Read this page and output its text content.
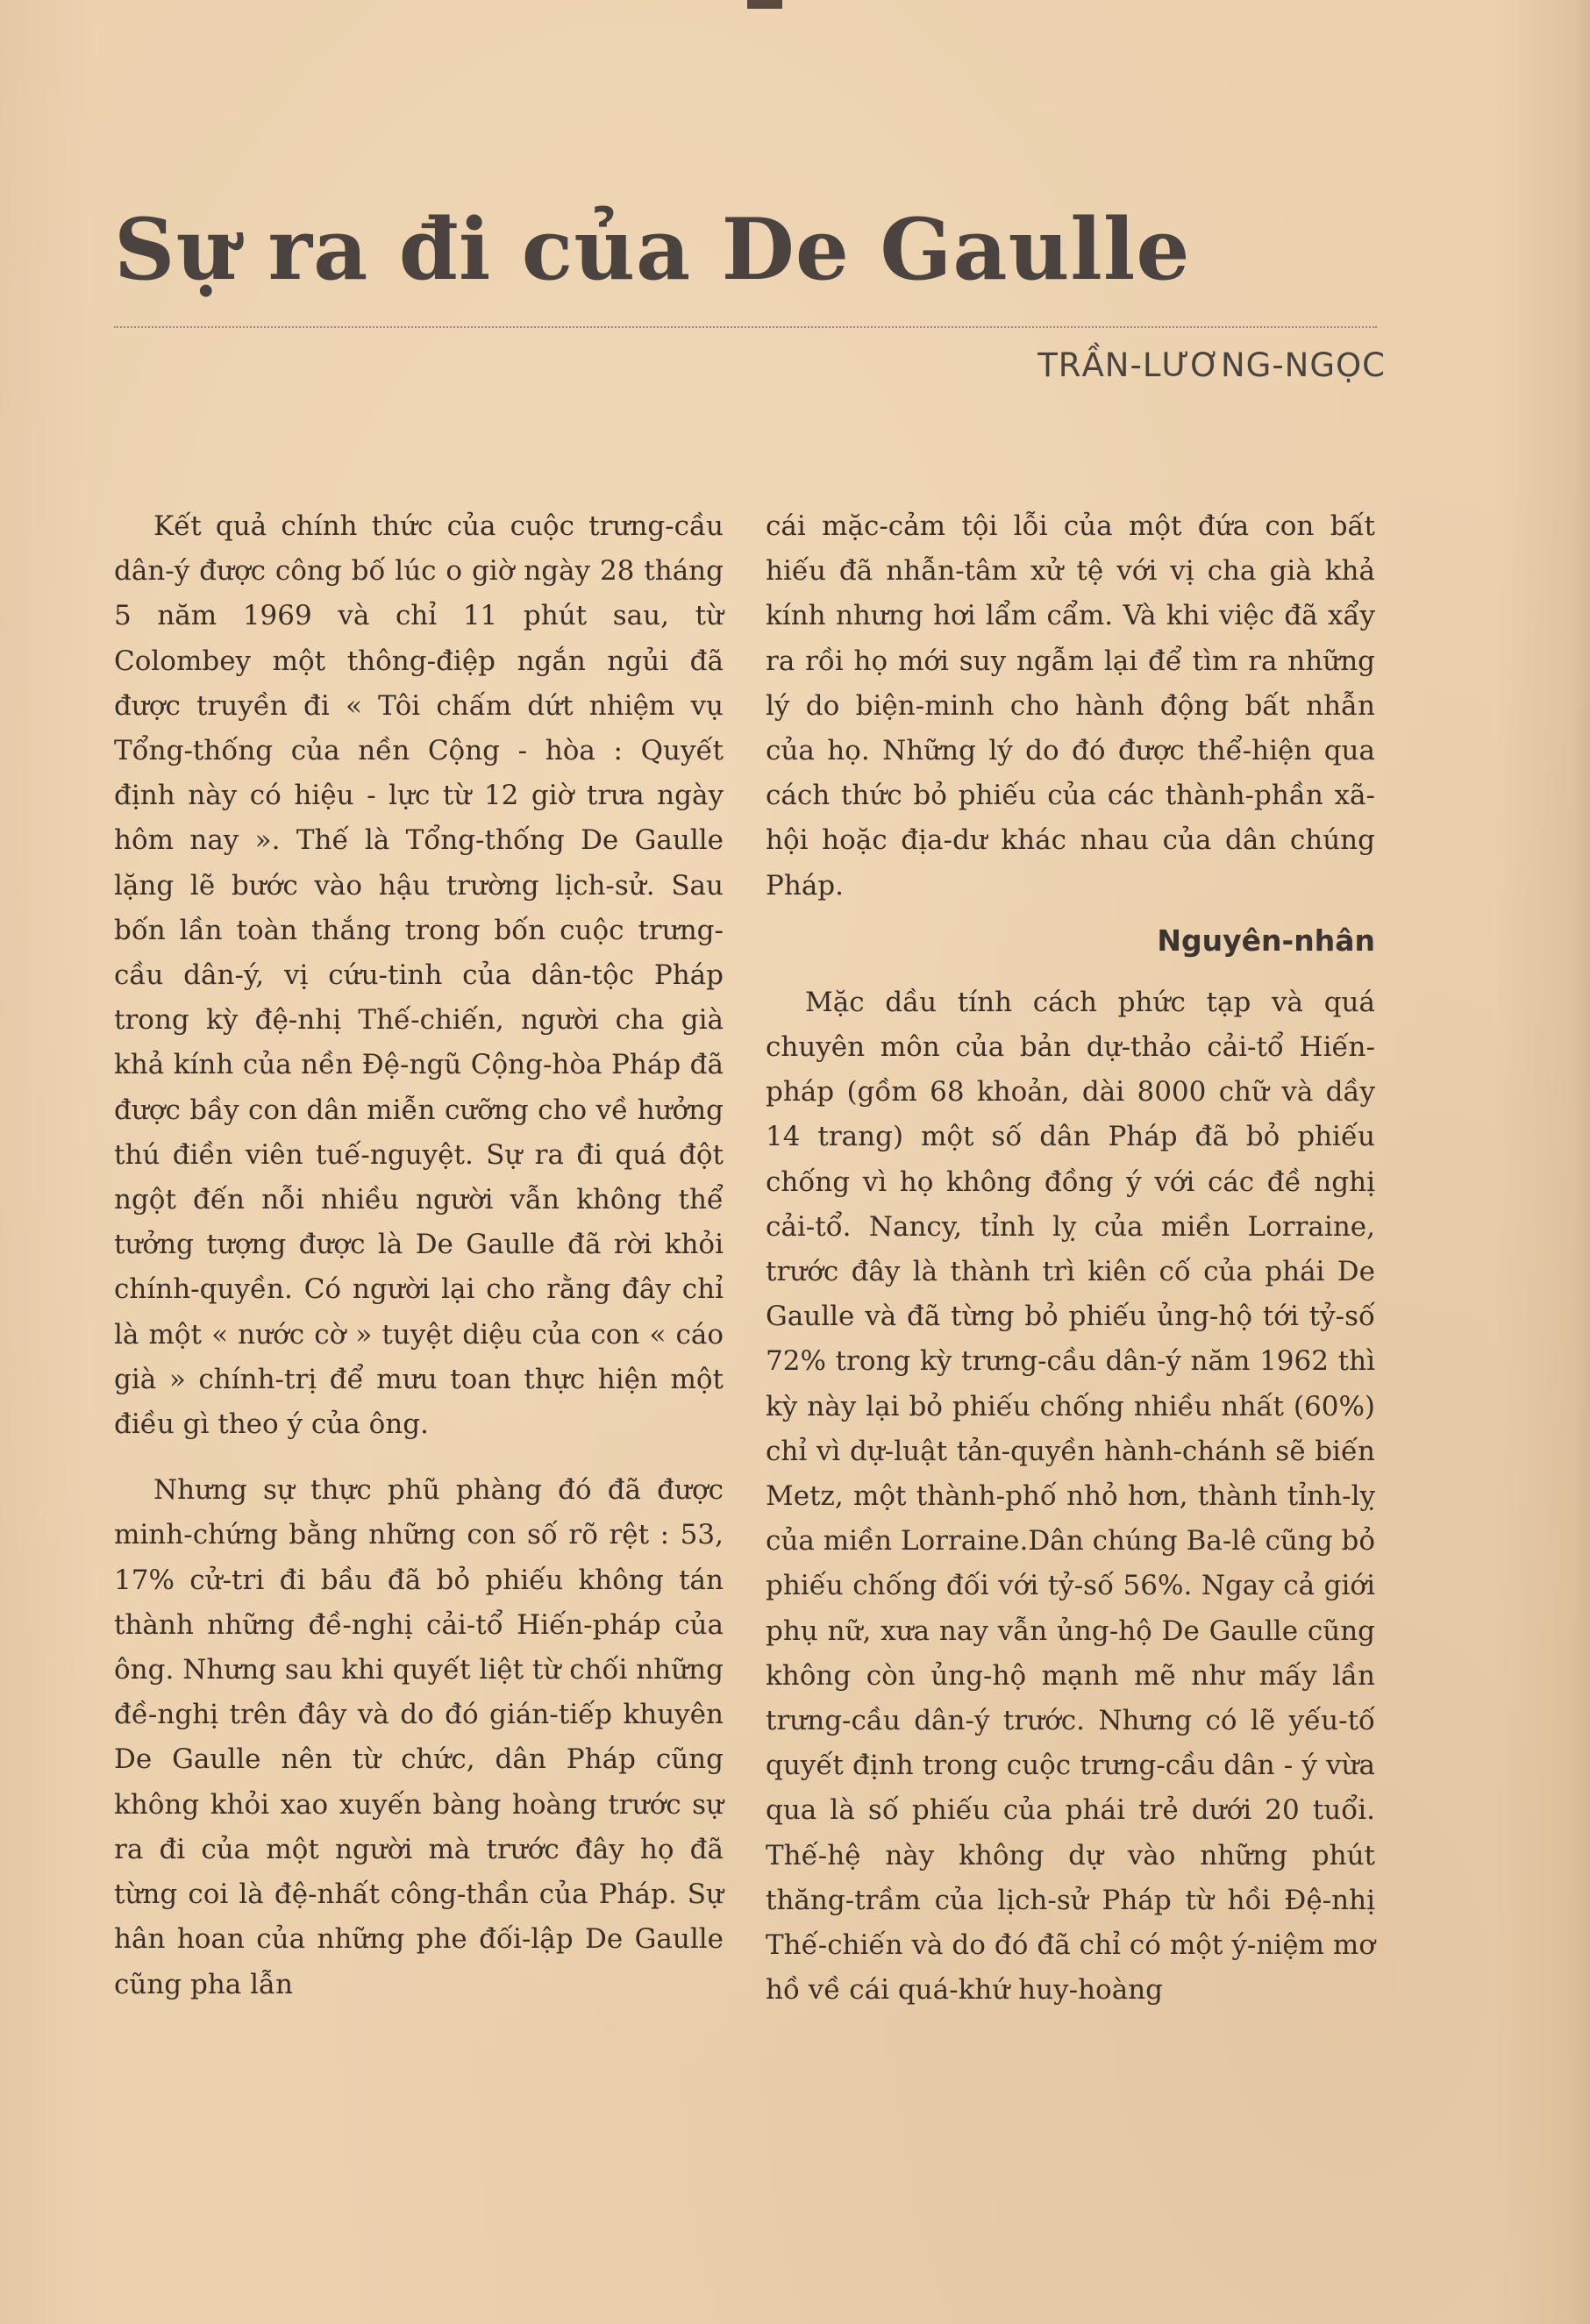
Sự ra đi của De Gaulle
TRẦN-LƯƠNG-NGỌC

Kết quả chính thức của cuộc trưng-cầu dân-ý được công bố lúc o giờ ngày 28 tháng 5 năm 1969 và chỉ 11 phút sau, từ Colombey một thông-điệp ngắn ngủi đã được truyền đi « Tôi chấm dứt nhiệm vụ Tổng-thống của nền Cộng - hòa : Quyết định này có hiệu - lực từ 12 giờ trưa ngày hôm nay ». Thế là Tổng-thống De Gaulle lặng lẽ bước vào hậu trường lịch-sử. Sau bốn lần toàn thắng trong bốn cuộc trưng-cầu dân-ý, vị cứu-tinh của dân-tộc Pháp trong kỳ đệ-nhị Thế-chiến, người cha già khả kính của nền Đệ-ngũ Cộng-hòa Pháp đã được bầy con dân miễn cưỡng cho về hưởng thú điền viên tuế-nguyệt. Sự ra đi quá đột ngột đến nỗi nhiều người vẫn không thể tưởng tượng được là De Gaulle đã rời khỏi chính-quyền. Có người lại cho rằng đây chỉ là một « nước cờ » tuyệt diệu của con « cáo già » chính-trị để mưu toan thực hiện một điều gì theo ý của ông.

Nhưng sự thực phũ phàng đó đã được minh-chứng bằng những con số rõ rệt : 53, 17% cử-tri đi bầu đã bỏ phiếu không tán thành những đề-nghị cải-tổ Hiến-pháp của ông. Nhưng sau khi quyết liệt từ chối những đề-nghị trên đây và do đó gián-tiếp khuyên De Gaulle nên từ chức, dân Pháp cũng không khỏi xao xuyến bàng hoàng trước sự ra đi của một người mà trước đây họ đã từng coi là đệ-nhất công-thần của Pháp. Sự hân hoan của những phe đối-lập De Gaulle cũng pha lẫn

cái mặc-cảm tội lỗi của một đứa con bất hiếu đã nhẫn-tâm xử tệ với vị cha già khả kính nhưng hơi lẩm cẩm. Và khi việc đã xẩy ra rồi họ mới suy ngẫm lại để tìm ra những lý do biện-minh cho hành động bất nhẫn của họ. Những lý do đó được thể-hiện qua cách thức bỏ phiếu của các thành-phần xã-hội hoặc địa-dư khác nhau của dân chúng Pháp.

Nguyên-nhân

Mặc dầu tính cách phức tạp và quá chuyên môn của bản dự-thảo cải-tổ Hiến-pháp (gồm 68 khoản, dài 8000 chữ và dầy 14 trang) một số dân Pháp đã bỏ phiếu chống vì họ không đồng ý với các đề nghị cải-tổ. Nancy, tỉnh lỵ của miền Lorraine, trước đây là thành trì kiên cố của phái De Gaulle và đã từng bỏ phiếu ủng-hộ tới tỷ-số 72% trong kỳ trưng-cầu dân-ý năm 1962 thì kỳ này lại bỏ phiếu chống nhiều nhất (60%) chỉ vì dự-luật tản-quyền hành-chánh sẽ biến Metz, một thành-phố nhỏ hơn, thành tỉnh-lỵ của miền Lorraine.Dân chúng Ba-lê cũng bỏ phiếu chống đối với tỷ-số 56%. Ngay cả giới phụ nữ, xưa nay vẫn ủng-hộ De Gaulle cũng không còn ủng-hộ mạnh mẽ như mấy lần trưng-cầu dân-ý trước. Nhưng có lẽ yếu-tố quyết định trong cuộc trưng-cầu dân - ý vừa qua là số phiếu của phái trẻ dưới 20 tuổi. Thế-hệ này không dự vào những phút thăng-trầm của lịch-sử Pháp từ hồi Đệ-nhị Thế-chiến và do đó đã chỉ có một ý-niệm mơ hồ về cái quá-khứ huy-hoàng
